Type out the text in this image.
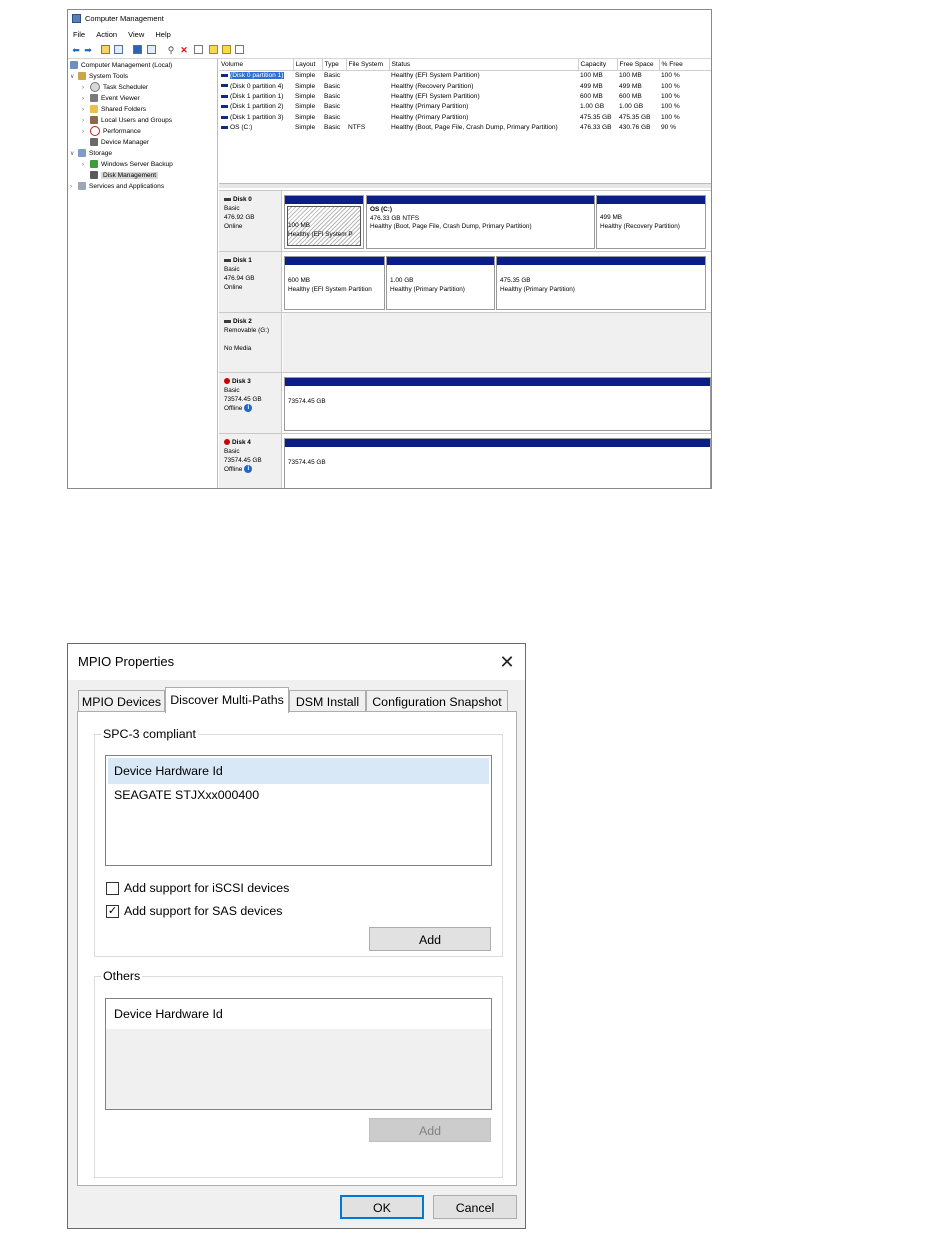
Computer Management
File Action View Help
⬅ ➡	⚲ ✕
Computer Management (Local)
∨ System Tools
›	Task Scheduler
›	Event Viewer
›	Shared Folders
›	Local Users and Groups
›	Performance
Device Manager
∨ Storage
›	Windows Server Backup
Disk Management
›	Services and Applications
Volume	Layout	Type	File System	Status	Capacity	Free Space	% Free
(Disk 0 partition 1)	Simple	Basic		Healthy (EFI System Partition)	100 MB	100 MB	100 %
(Disk 0 partition 4)	Simple	Basic		Healthy (Recovery Partition)	499 MB	499 MB	100 %
(Disk 1 partition 1)	Simple	Basic		Healthy (EFI System Partition)	600 MB	600 MB	100 %
(Disk 1 partition 2)	Simple	Basic		Healthy (Primary Partition)	1.00 GB	1.00 GB	100 %
(Disk 1 partition 3)	Simple	Basic		Healthy (Primary Partition)	475.35 GB	475.35 GB	100 %
OS (C:)	Simple	Basic	NTFS	Healthy (Boot, Page File, Crash Dump, Primary Partition)	476.33 GB	430.76 GB	90 %
Disk 0
Basic
476.92 GB
Online	100 MB
Healthy (EFI System P
OS (C:)
476.33 GB NTFS
Healthy (Boot, Page File, Crash Dump, Primary Partition)
499 MB
Healthy (Recovery Partition)
Disk 1
Basic
476.94 GB
Online
600 MB
Healthy (EFI System Partition
1.00 GB
Healthy (Primary Partition)
475.35 GB
Healthy (Primary Partition)
Disk 2
Removable (G:)
No Media
Disk 3
Basic
73574.45 GB
Offline i
73574.45 GB
Disk 4
Basic
73574.45 GB
Offline i
73574.45 GB
MPIO Properties	✕
MPIO Devices Discover Multi-Paths DSM Install	Configuration Snapshot
SPC-3 compliant
Device Hardware Id
SEAGATE STJXxx000400
Add support for iSCSI devices
✓ Add support for SAS devices
Add
Others
Device Hardware Id
Add
OK	Cancel
